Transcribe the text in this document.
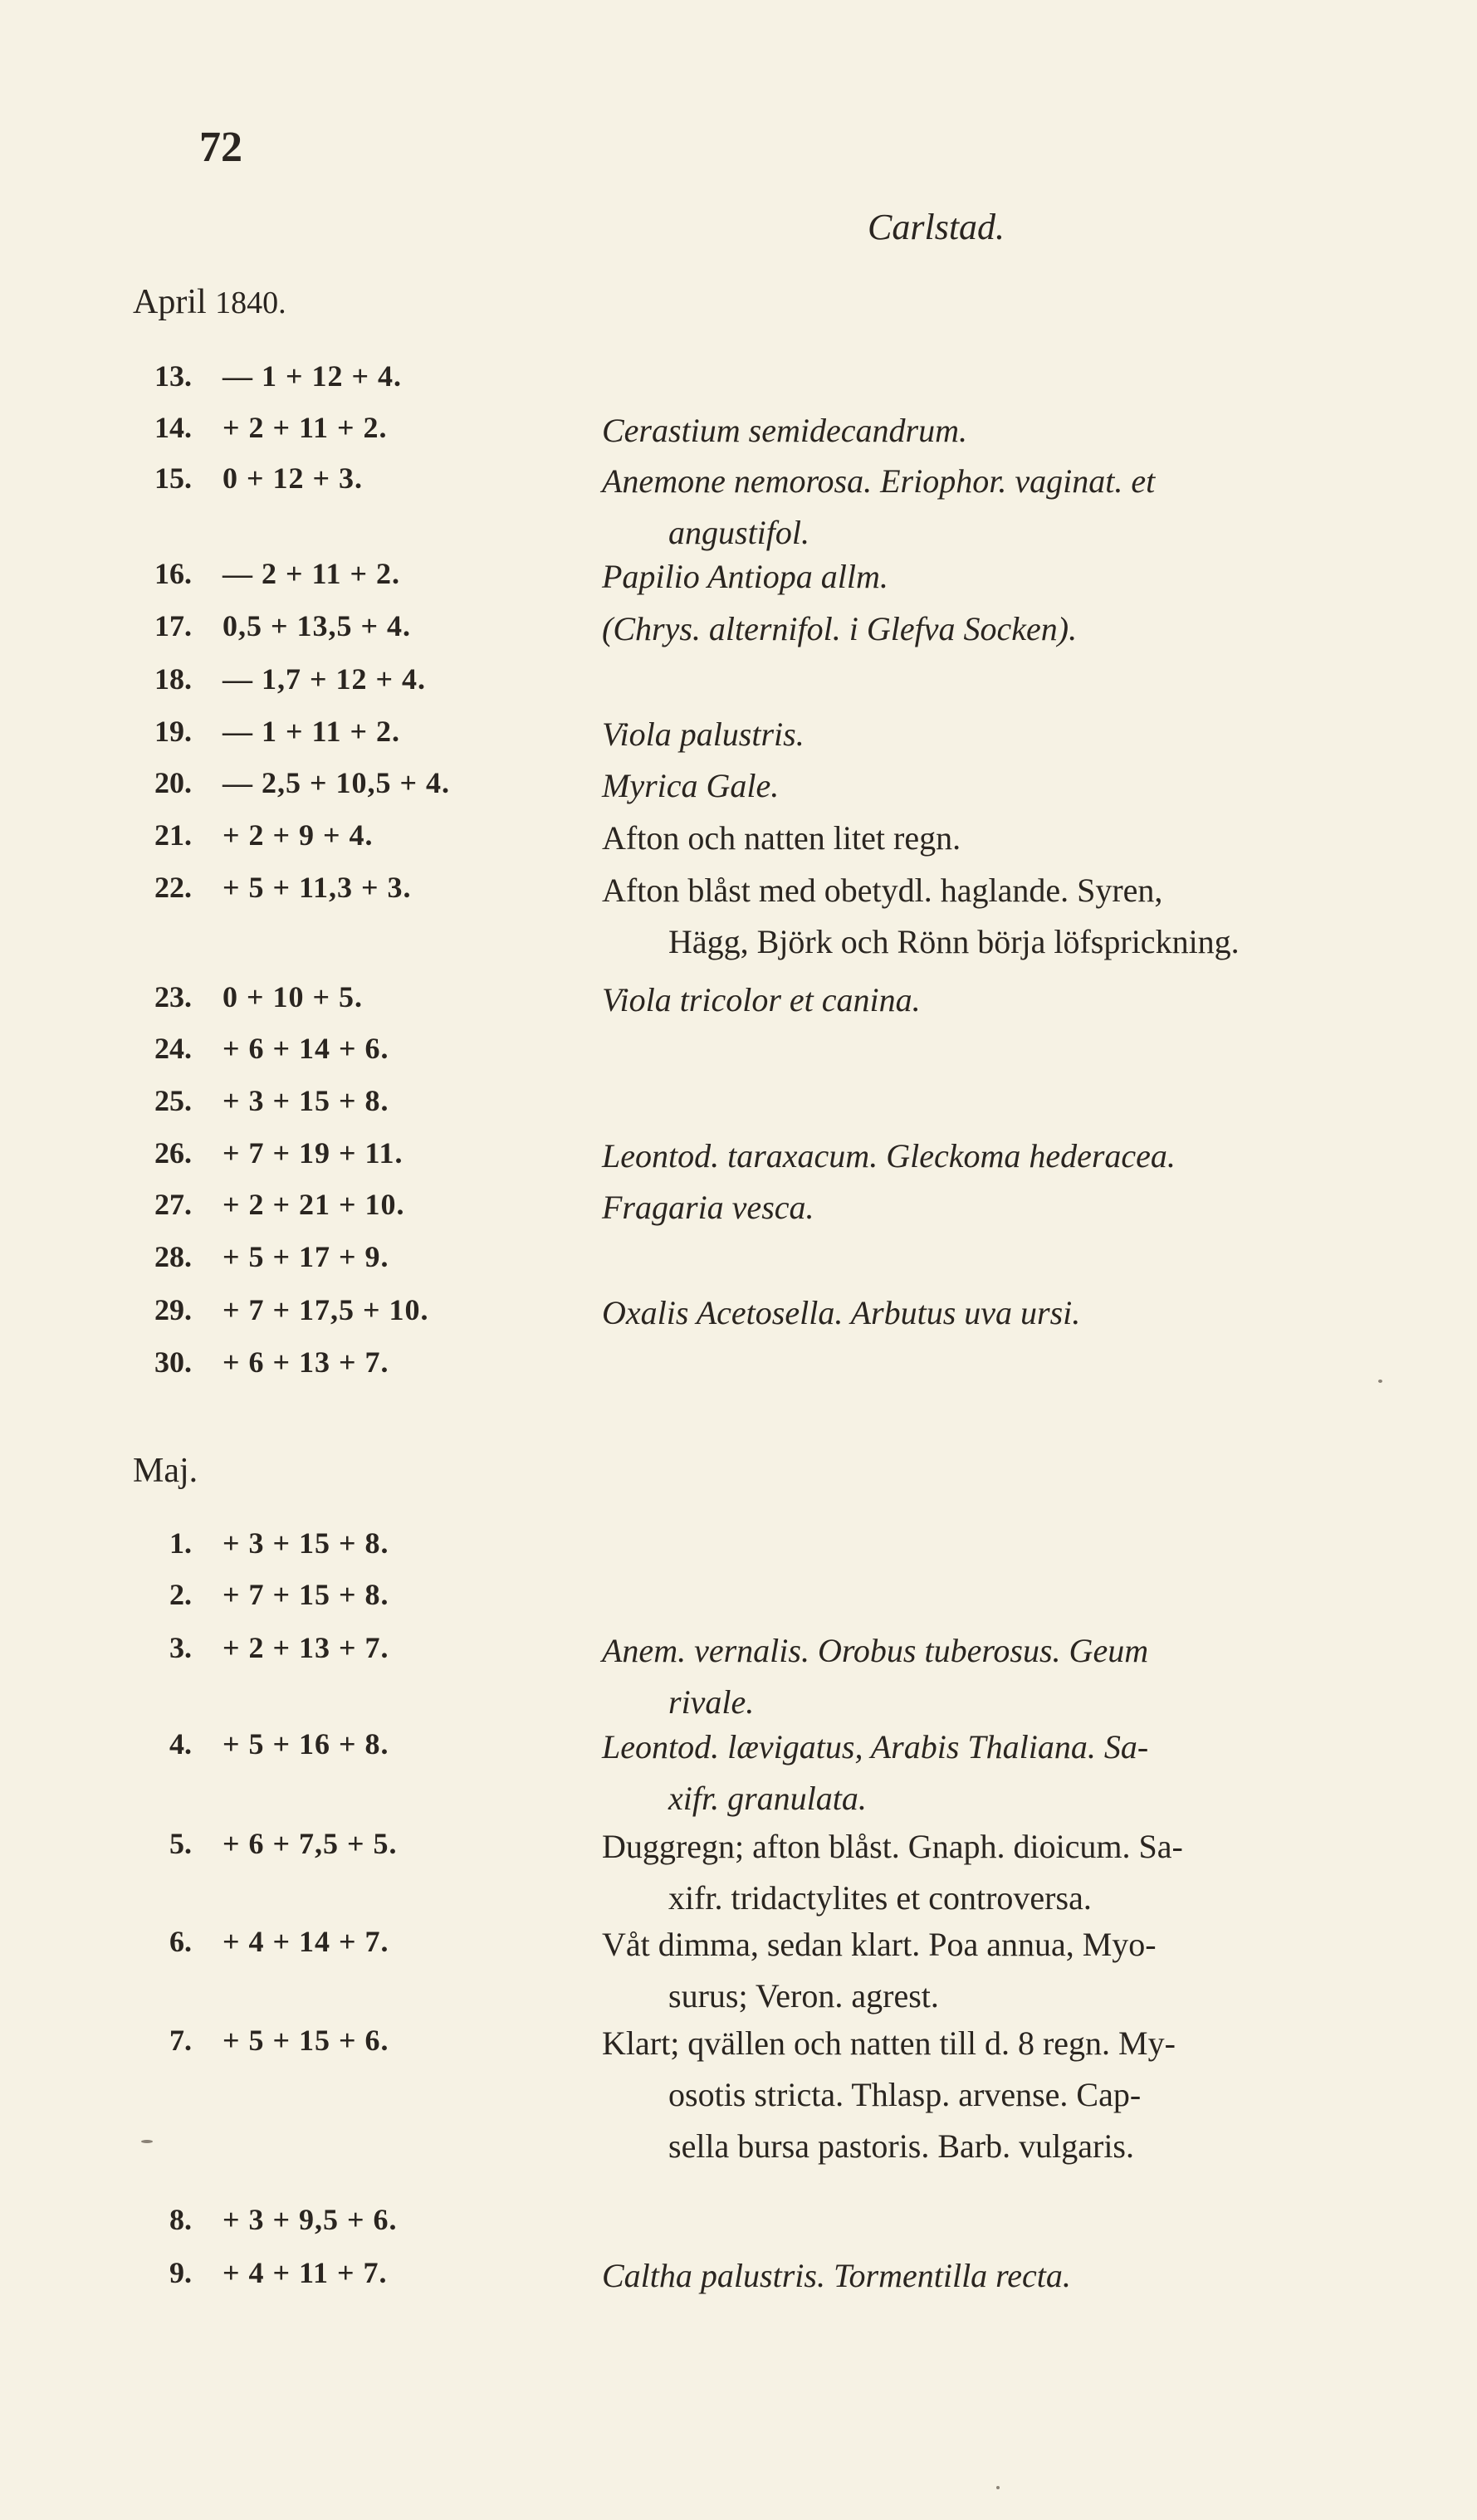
72
Carlstad.
April 1840.
13. — 1 + 12 + 4.
14. + 2 + 11 + 2.	Cerastium semidecandrum.
15. 0 + 12 + 3.	Anemone nemorosa. Eriophor. vaginat. et
angustifol.
16. — 2 + 11 + 2.	Papilio Antiopa allm.
17. 0,5 + 13,5 + 4.	(Chrys. alternifol. i Glefva Socken).
18. — 1,7 + 12 + 4.
19. — 1 + 11 + 2.	Viola palustris.
20. — 2,5 + 10,5 + 4.	Myrica Gale.
21. + 2 + 9 + 4.	Afton och natten litet regn.
22. + 5 + 11,3 + 3.	Afton blåst med obetydl. haglande. Syren,
Hägg, Björk och Rönn börja löfsprickning.
23. 0 + 10 + 5.	Viola tricolor et canina.
24. + 6 + 14 + 6.
25. + 3 + 15 + 8.
26. + 7 + 19 + 11.	Leontod. taraxacum. Gleckoma hederacea.
27. + 2 + 21 + 10.	Fragaria vesca.
28. + 5 + 17 + 9.
29. + 7 + 17,5 + 10.	Oxalis Acetosella. Arbutus uva ursi.
30. + 6 + 13 + 7.
Maj.
1. + 3 + 15 + 8.
2. + 7 + 15 + 8.
3. + 2 + 13 + 7.	Anem. vernalis. Orobus tuberosus. Geum
rivale.
4. + 5 + 16 + 8.	Leontod. lævigatus, Arabis Thaliana. Sa-
xifr. granulata.
5. + 6 + 7,5 + 5.	Duggregn; afton blåst. Gnaph. dioicum. Sa-
xifr. tridactylites et controversa.
6. + 4 + 14 + 7.	Våt dimma, sedan klart. Poa annua, Myo-
surus; Veron. agrest.
7. + 5 + 15 + 6.	Klart; qvällen och natten till d. 8 regn. My-
osotis stricta. Thlasp. arvense. Cap-
sella bursa pastoris. Barb. vulgaris.
8. + 3 + 9,5 + 6.
9. + 4 + 11 + 7.	Caltha palustris. Tormentilla recta.
